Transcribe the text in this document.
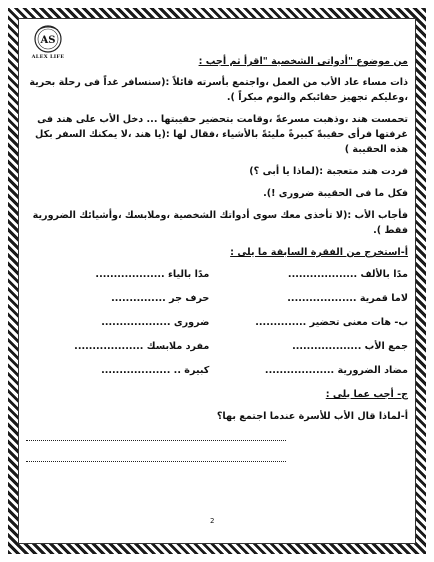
AS
ALEX LIFE	من موضوع "أدواتى الشخصية "اقرأ ثم أجب :

ذات مساء عاد الأب من العمل ،واجتمع بأسرته قائلاً :(سنسافر غداً فى رحلة بحرية ،وعليكم تجهيز حقائبكم والنوم مبكراً ).

تحمست هند ،وذهبت مسرعةً ،وقامت بتحضير حقيبتها ... دخل الأب على هند فى غرفتها فرأى حقيبةً كبيرةً مليئةً بالأشياء ،فقال لها :(يا هند ،لا يمكنك السفر بكل هذه الحقيبة )

فردت هند متعجبة :(لماذا يا أبى ؟)

فكل ما فى الحقيبة ضرورى !).

فأجاب الأب :(لا تأخذى معك سوى أدواتك الشخصية ،وملابسك ،وأشيائك الضرورية فقط ).

أ-استخرج من الفقرة السابقة ما يلى :
مدًا بالألف ...................
مدًا بالياء ...................
لاما قمرية ...................
حرف جر ...............
ب- هات معنى تحضير ..............
ضرورى ...................
جمع الأب ...................
مفرد ملابسك ...................
مضاد الضرورية ...................
كبيرة .. ...................
ج- أجب عما يلى :
أ-لماذا قال الأب للأسرة عندما اجتمع بها؟
2
